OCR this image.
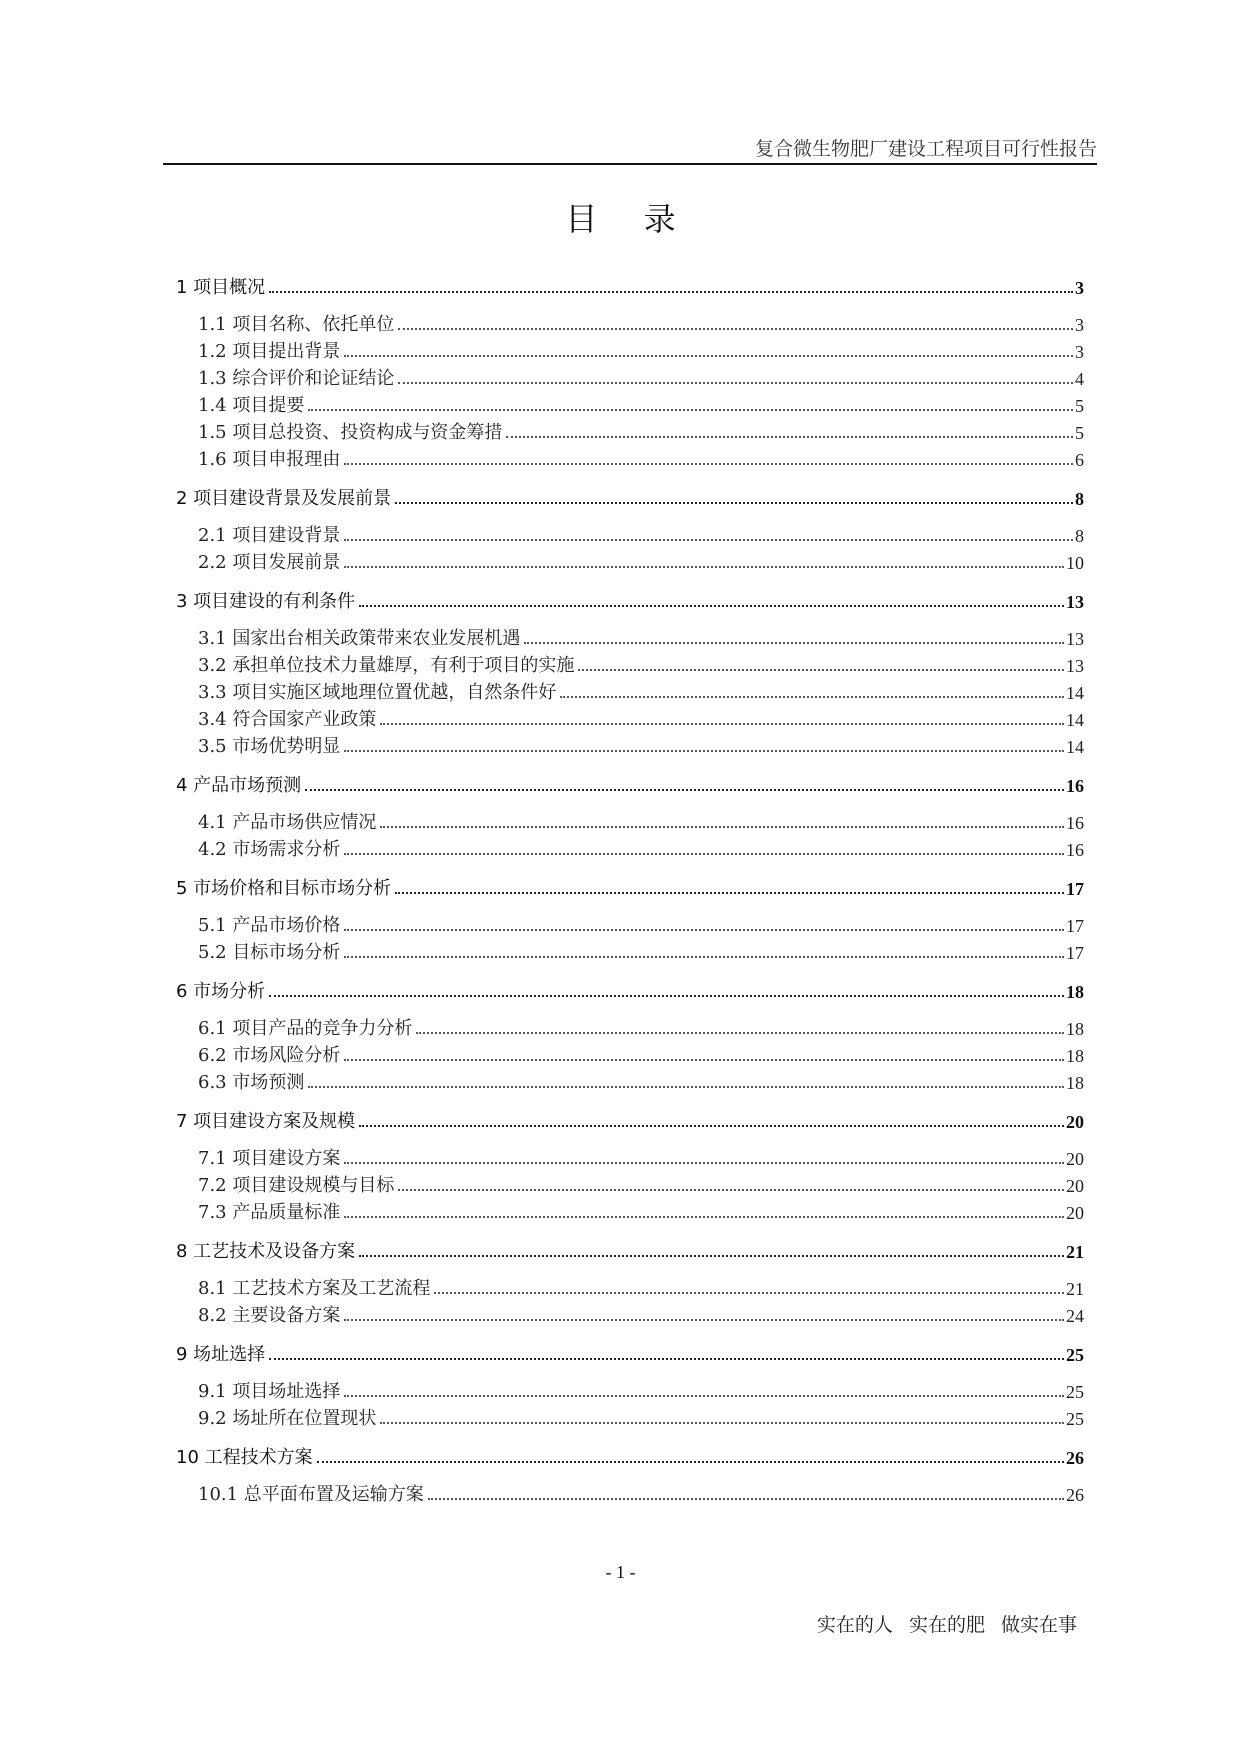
复合微生物肥厂建设工程项目可行性报告
目 录
1 项目概况	3
1.1 项目名称、依托单位	3
1.2 项目提出背景	3
1.3 综合评价和论证结论	4
1.4 项目提要	5
1.5 项目总投资、投资构成与资金筹措	5
1.6 项目申报理由	6
2 项目建设背景及发展前景	8
2.1 项目建设背景	8
2.2 项目发展前景	10
3 项目建设的有利条件	13
3.1 国家出台相关政策带来农业发展机遇	13
3.2 承担单位技术力量雄厚，有利于项目的实施	13
3.3 项目实施区域地理位置优越，自然条件好	14
3.4 符合国家产业政策	14
3.5 市场优势明显	14
4 产品市场预测	16
4.1 产品市场供应情况	16
4.2 市场需求分析	16
5 市场价格和目标市场分析	17
5.1 产品市场价格	17
5.2 目标市场分析	17
6 市场分析	18
6.1 项目产品的竞争力分析	18
6.2 市场风险分析	18
6.3 市场预测	18
7 项目建设方案及规模	20
7.1 项目建设方案	20
7.2 项目建设规模与目标	20
7.3 产品质量标准	20
8 工艺技术及设备方案	21
8.1 工艺技术方案及工艺流程	21
8.2 主要设备方案	24
9 场址选择	25
9.1 项目场址选择	25
9.2 场址所在位置现状	25
10 工程技术方案	26
10.1 总平面布置及运输方案	26
- 1 -
实在的人 实在的肥 做实在事
